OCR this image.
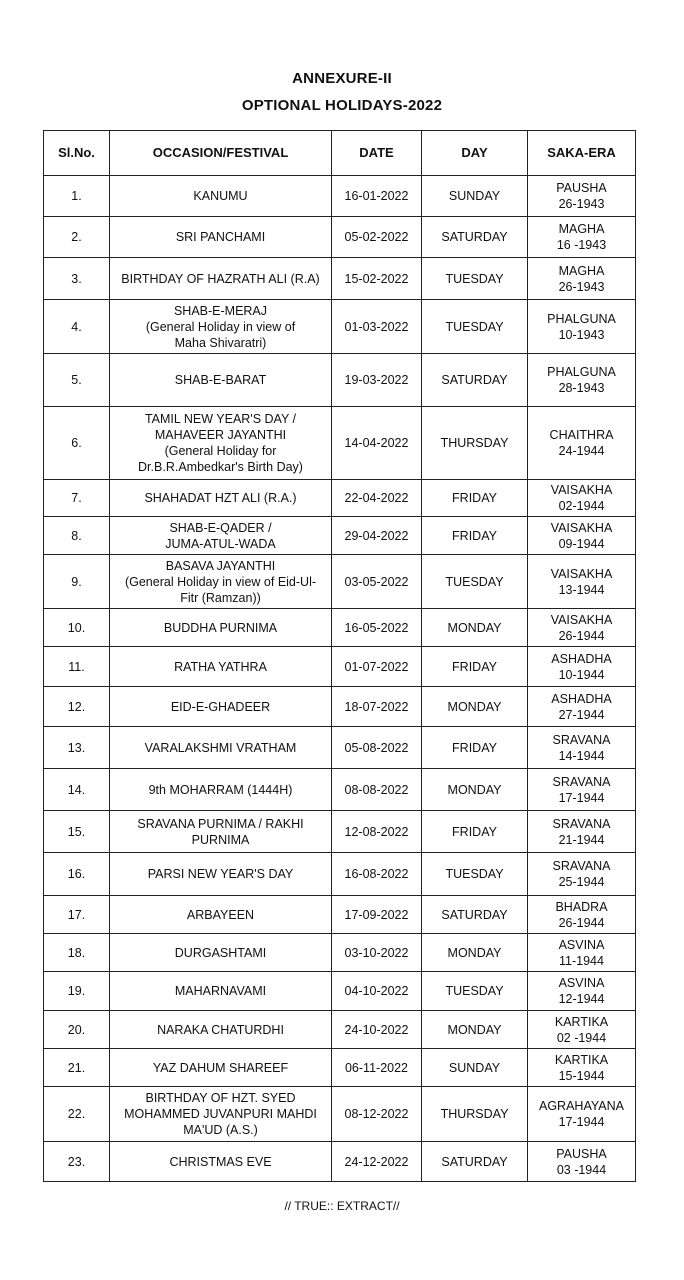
ANNEXURE-II
OPTIONAL HOLIDAYS-2022
Sl.No.	OCCASION/FESTIVAL	DATE	DAY	SAKA-ERA
1.	KANUMU	16-01-2022	SUNDAY	PAUSHA
26-1943
2.	SRI PANCHAMI	05-02-2022	SATURDAY	MAGHA
16 -1943
3.	BIRTHDAY OF HAZRATH ALI (R.A)	15-02-2022	TUESDAY	MAGHA
26-1943
4.	SHAB-E-MERAJ
(General Holiday in view of
Maha Shivaratri)	01-03-2022	TUESDAY	PHALGUNA
10-1943
5.	SHAB-E-BARAT	19-03-2022	SATURDAY	PHALGUNA
28-1943
6.	TAMIL NEW YEAR'S DAY /
MAHAVEER JAYANTHI
(General Holiday for
Dr.B.R.Ambedkar's Birth Day)	14-04-2022	THURSDAY	CHAITHRA
24-1944
7.	SHAHADAT HZT ALI (R.A.)	22-04-2022	FRIDAY	VAISAKHA
02-1944
8.	SHAB-E-QADER /
JUMA-ATUL-WADA	29-04-2022	FRIDAY	VAISAKHA
09-1944
9.	BASAVA JAYANTHI
(General Holiday in view of Eid-Ul-
Fitr (Ramzan))	03-05-2022	TUESDAY	VAISAKHA
13-1944
10.	BUDDHA PURNIMA	16-05-2022	MONDAY	VAISAKHA
26-1944
11.	RATHA YATHRA	01-07-2022	FRIDAY	ASHADHA
10-1944
12.	EID-E-GHADEER	18-07-2022	MONDAY	ASHADHA
27-1944
13.	VARALAKSHMI VRATHAM	05-08-2022	FRIDAY	SRAVANA
14-1944
14.	9th MOHARRAM (1444H)	08-08-2022	MONDAY	SRAVANA
17-1944
15.	SRAVANA PURNIMA / RAKHI
PURNIMA	12-08-2022	FRIDAY	SRAVANA
21-1944
16.	PARSI NEW YEAR'S DAY	16-08-2022	TUESDAY	SRAVANA
25-1944
17.	ARBAYEEN	17-09-2022	SATURDAY	BHADRA
26-1944
18.	DURGASHTAMI	03-10-2022	MONDAY	ASVINA
11-1944
19.	MAHARNAVAMI	04-10-2022	TUESDAY	ASVINA
12-1944
20.	NARAKA CHATURDHI	24-10-2022	MONDAY	KARTIKA
02 -1944
21.	YAZ DAHUM SHAREEF	06-11-2022	SUNDAY	KARTIKA
15-1944
22.	BIRTHDAY OF HZT. SYED
MOHAMMED JUVANPURI MAHDI
MA'UD (A.S.)	08-12-2022	THURSDAY	AGRAHAYANA
17-1944
23.	CHRISTMAS EVE	24-12-2022	SATURDAY	PAUSHA
03 -1944
// TRUE:: EXTRACT//
